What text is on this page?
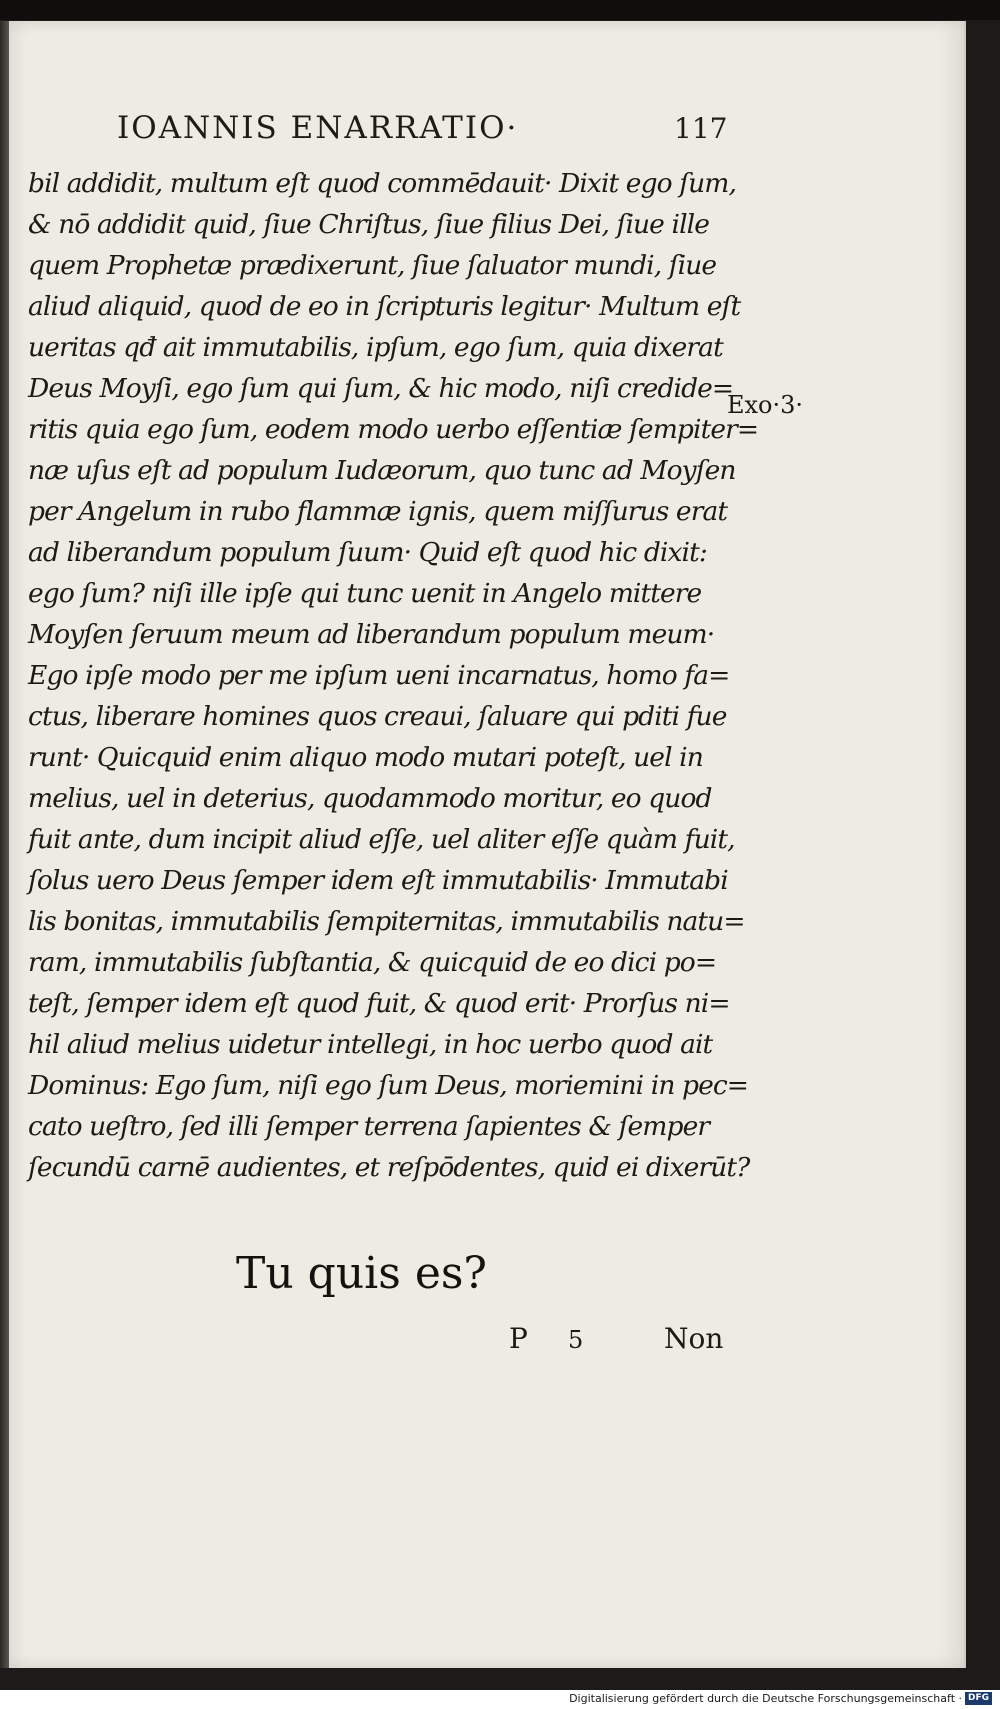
IOANNIS ENARRATIO·	117
bil addidit, multum eſt quod commēdauit· Dixit ego ſum,
& nō addidit quid, ſiue Chriſtus, ſiue filius Dei, ſiue ille
quem Prophetæ prædixerunt, ſiue ſaluator mundi, ſiue
aliud aliquid, quod de eo in ſcripturis legitur· Multum eſt
ueritas qđ ait immutabilis, ipſum, ego ſum, quia dixerat
Deus Moyſi, ego ſum qui ſum, & hic modo, niſi credide=
ritis quia ego ſum, eodem modo uerbo eſſentiæ ſempiter=
næ uſus eſt ad populum Iudæorum, quo tunc ad Moyſen
per Angelum in rubo flammæ ignis, quem miſſurus erat
ad liberandum populum ſuum· Quid eſt quod hic dixit:
ego ſum? niſi ille ipſe qui tunc uenit in Angelo mittere
Moyſen ſeruum meum ad liberandum populum meum·
Ego ipſe modo per me ipſum ueni incarnatus, homo fa=
ctus, liberare homines quos creaui, ſaluare qui pditi fue
runt· Quicquid enim aliquo modo mutari poteſt, uel in
melius, uel in deterius, quodammodo moritur, eo quod
fuit ante, dum incipit aliud eſſe, uel aliter eſſe quàm fuit,
ſolus uero Deus ſemper idem eſt immutabilis· Immutabi
lis bonitas, immutabilis ſempiternitas, immutabilis natu=
ram, immutabilis ſubſtantia, & quicquid de eo dici po=
teſt, ſemper idem eſt quod fuit, & quod erit· Prorſus ni=
hil aliud melius uidetur intellegi, in hoc uerbo quod ait
Dominus: Ego ſum, niſi ego ſum Deus, moriemini in pec=
cato ueſtro, ſed illi ſemper terrena ſapientes & ſemper
ſecundū carnē audientes, et reſpōdentes, quid ei dixerūt?
Exo·3·
Tu quis es?
P 5	Non
Digitalisierung gefördert durch die Deutsche Forschungsgemeinschaft · DFG
